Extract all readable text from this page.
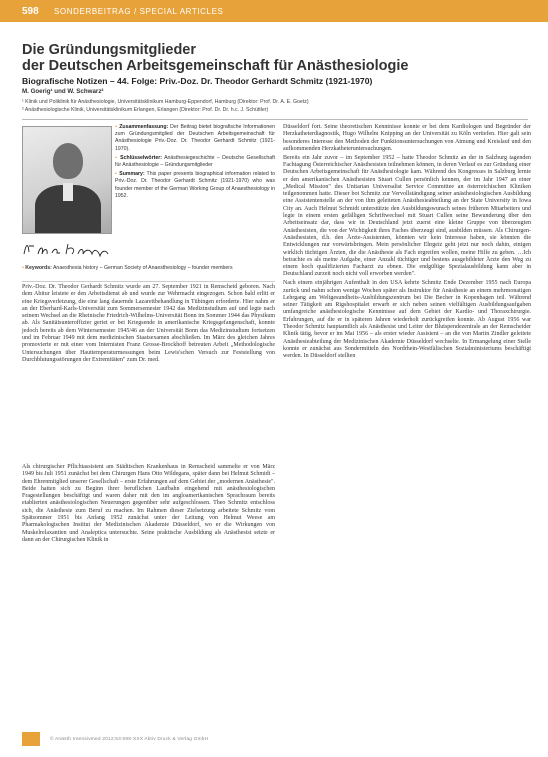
598	SONDERBEITRAG / SPECIAL ARTICLES
Die Gründungsmitglieder
der Deutschen Arbeitsgemeinschaft für Anästhesiologie
Biografische Notizen – 44. Folge: Priv.-Doz. Dr. Theodor Gerhardt Schmitz (1921-1970)
M. Goerig¹ und W. Schwarz²
¹ Klinik und Poliklinik für Anästhesiologie, Universitätsklinikum Hamburg-Eppendorf, Hamburg (Direktor: Prof. Dr. A. E. Goetz)
² Anästhesiologische Klinik, Universitätsklinikum Erlangen, Erlangen (Direktor: Prof. Dr. Dr. h.c. J. Schüttler)
▪ Zusammenfassung: Der Beitrag bietet biografische Informationen zum Gründungsmitglied der Deutschen Arbeitsgemeinschaft für Anästhesiologie Priv.-Doz. Dr. Theodor Gerhardt Schmitz (1921-1970).
▪ Schlüsselwörter: Anästhesiegeschichte – Deutsche Gesellschaft für Anästhesiologie – Gründungsmitglieder
▪ Summary: This paper presents biographical information related to Priv.-Doz. Dr. Theodor Gerhardt Schmitz (1921-1970) who was founder member of the German Working Group of Anaesthesiology in 1952.
▪ Keywords: Anaesthesia history – German Society of Anaesthesiology – founder members

Priv.-Doz. Dr. Theodor Gerhardt Schmitz wurde am 27. September 1921 in Remscheid geboren. Nach dem Abitur leistete er den Arbeitsdienst ab und wurde zur Wehrmacht eingezogen. Schon bald erlitt er eine Kriegsverletzung, die eine lang dauernde Lazarettbehandlung in Tübingen erforderte. Hier nahm er an der Eberhard-Karls-Universität zum Sommersemester 1942 das Medizinstudium auf und legte nach seinem Wechsel an die Rheinische Friedrich-Wilhelms-Universität Bonn im Sommer 1944 das Physikum ab. Als Sanitätsunteroffizier geriet er bei Kriegsende in amerikanische Kriegsgefangenschaft, konnte jedoch bereits ab dem Wintersemester 1945/46 an der Universität Bonn das Medizinstudium fortsetzen und im Februar 1949 mit dem medizinischen Staatsexamen abschließen. Im März des gleichen Jahres promovierte er mit einer vom Internisten Franz Grosse-Brockhoff betreuten Arbeit „Methodologische Untersuchungen über Hauttemperaturmessungen beim Lewis'schen Versuch zur Feststellung von Durchblutungsstörungen der Extremitäten" zum Dr. med.

Als chirurgischer Pflichtassistent am Städtischen Krankenhaus in Remscheid sammelte er von März 1949 bis Juli 1951 zunächst bei dem Chirurgen Hans Otto Wildegans, später dann bei Helmut Schmidt – dem Ehrenmitglied unserer Gesellschaft – erste Erfahrungen auf dem Gebiet der „modernen Anästhesie". Beide hatten sich zu Beginn ihrer beruflichen Laufbahn eingehend mit anästhesiologischen Fragestellungen beschäftigt und waren daher mit den im angloamerikanischen Sprachraum bereits etablierten anästhesiologischen Neuerungen gegenüber sehr aufgeschlossen. Theo Schmitz entschloss sich, die Anästhesie zum Beruf zu machen. Im Rahmen dieser Zielsetzung arbeitete Schmitz vom Spätsommer 1951 bis Anfang 1952 zunächst unter der Leitung von Helmut Weese am Pharmakologischen Institut der Medizinischen Akademie Düsseldorf, wo er die Wirkungen von Muskelrelaxantien und Analeptica untersuchte. Seine praktische Ausbildung als Anästhesist setzte er dann an der Chirurgischen Klinik in

Düsseldorf fort. Seine theoretischen Kenntnisse konnte er bei dem Kardiologen und Begründer der Herzkatheterdiagnostik, Hugo Wilhelm Knipping an der Universität zu Köln vertiefen. Hier galt sein besonderes Interesse den Methoden der Funktionsuntersuchungen von Atmung und Kreislauf und den aufkommenden Herzkatheteruntersuchungen.

Bereits ein Jahr zuvor – im September 1952 – hatte Theodor Schmitz an der in Salzburg tagenden Fachtagung Österreichischer Anästhesisten teilnehmen können, in deren Verlauf es zur Gründung einer Deutschen Arbeitsgemeinschaft für Anästhesiologie kam. Während des Kongresses in Salzburg lernte er den amerikanischen Anästhesisten Stuart Cullen persönlich kennen, der im Jahr 1947 an einer „Medical Mission" des Unitarian Universalist Service Committee an österreichischen Kliniken teilgenommen hatte. Dieser bot Schmitz zur Vervollständigung seiner anästhesiologischen Ausbildung eine Assistentenstelle an der von ihm geleiteten Anästhesieabteilung an der State University in Iowa City an. Auch Helmut Schmidt unterstützte den Ausbildungswunsch seines früheren Mitarbeiters und legte in einem ersten gefälligen Schriftwechsel mit Stuart Cullen seine Bewunderung über den Arbeitseinsatz dar, dass wir in Deutschland jetzt zuerst eine kleine Gruppe von überzeugten Anästhesisten, die von der Wichtigkeit ihres Faches überzeugt sind, ausbilden müssen. Als Chirurgen-Anästhesisten, d.h. den Ärzte-Assistenten, könnten wir kein Interesse haben, sie könnten die Entwicklungen nur vorwärtsbringen. Mein persönlicher Ehrgeiz geht jetzt nur noch dahin, einigen wirklich tüchtigen Ärzten, die die Anästhesie als Fach ergreifen wollen, meine Hilfe zu geben. …Ich betrachte es als meine Aufgabe, einer Anzahl tüchtiger und bestens ausgebildeter Ärzte den Weg zu einem hoch qualifizierten Facharzt zu ebnen. Die endgültige Spezialausbildung kann aber in Deutschland zurzeit noch nicht voll erworben werden".

Nach einem einjährigen Aufenthalt in den USA kehrte Schmitz Ende Dezember 1955 nach Europa zurück und nahm schon wenige Wochen später als Instruktor für Anästhesie an einem mehrmonatigen Lehrgang am Weltgesundheits-Ausbildungszentrum bei Die Becher in Kopenhagen teil. Während seiner Tätigkeit am Rigshospitalet erwarb er sich neben seinen vielfältigen Ausbildungsaufgaben umfangreiche anästhesiologische Kenntnisse auf dem Gebiet der Kardio- und Thoraxchirurgie. Erfahrungen, auf die er in späteren Jahren wiederholt zurückgreifen konnte. Ab August 1956 war Theodor Schmitz hauptamtlich als Anästhesist und Leiter der Blutspendezentrale an der Remscheider Klinik tätig, bevor er im Mai 1956 – als erster wieder Assistent – an die von Martin Zindler geleitete Anästhesieabteilung der Medizinischen Akademie Düsseldorf wechselte. In Ermangelung einer Stelle konnte er zunächst aus Sondermitteln des Nordrhein-Westfälischen Sozialministeriums beschäftigt werden. In Düsseldorf stellten

© Anästh Intensivmed 2012;53:598-XXX Aktiv Druck & Verlag GmbH
